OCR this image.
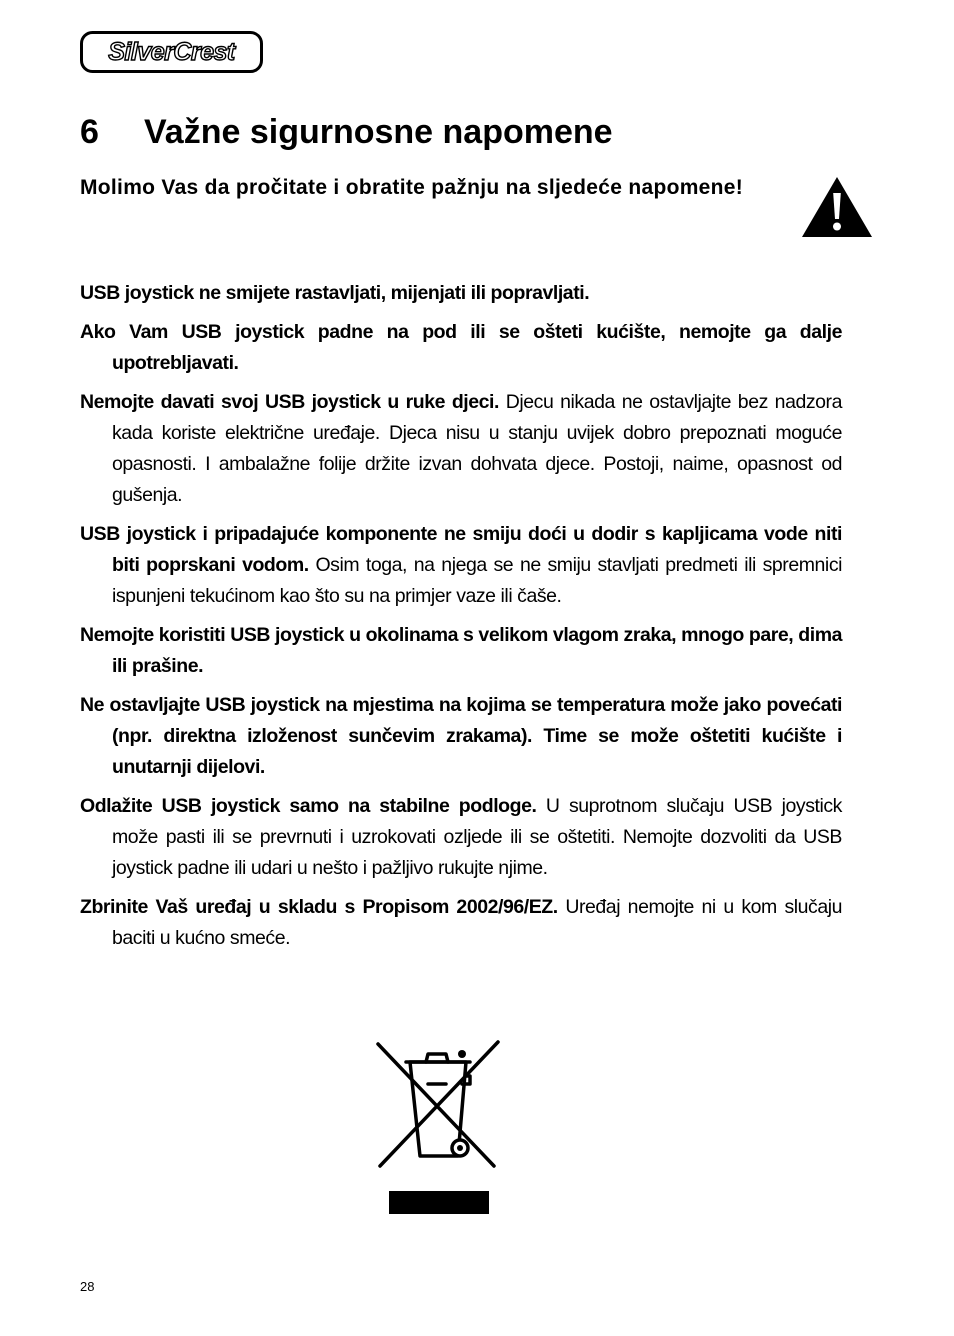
SilverCrest
6 Važne sigurnosne napomene

Molimo Vas da pročitate i obratite pažnju na sljedeće napomene!

USB joystick ne smijete rastavljati, mijenjati ili popravljati.

Ako Vam USB joystick padne na pod ili se ošteti kućište, nemojte ga dalje upotrebljavati.

Nemojte davati svoj USB joystick u ruke djeci. Djecu nikada ne ostavljajte bez nadzora kada koriste električne uređaje. Djeca nisu u stanju uvijek dobro prepoznati moguće opasnosti. I ambalažne folije držite izvan dohvata djece. Postoji, naime, opasnost od gušenja.

USB joystick i pripadajuće komponente ne smiju doći u dodir s kapljicama vode niti biti poprskani vodom. Osim toga, na njega se ne smiju stavljati predmeti ili spremnici ispunjeni tekućinom kao što su na primjer vaze ili čaše.

Nemojte koristiti USB joystick u okolinama s velikom vlagom zraka, mnogo pare, dima ili prašine.

Ne ostavljajte USB joystick na mjestima na kojima se temperatura može jako povećati (npr. direktna izloženost sunčevim zrakama). Time se može oštetiti kućište i unutarnji dijelovi.

Odlažite USB joystick samo na stabilne podloge. U suprotnom slučaju USB joystick može pasti ili se prevrnuti i uzrokovati ozljede ili se oštetiti. Nemojte dozvoliti da USB joystick padne ili udari u nešto i pažljivo rukujte njime.

Zbrinite Vaš uređaj u skladu s Propisom 2002/96/EZ. Uređaj nemojte ni u kom slučaju baciti u kućno smeće.

28
